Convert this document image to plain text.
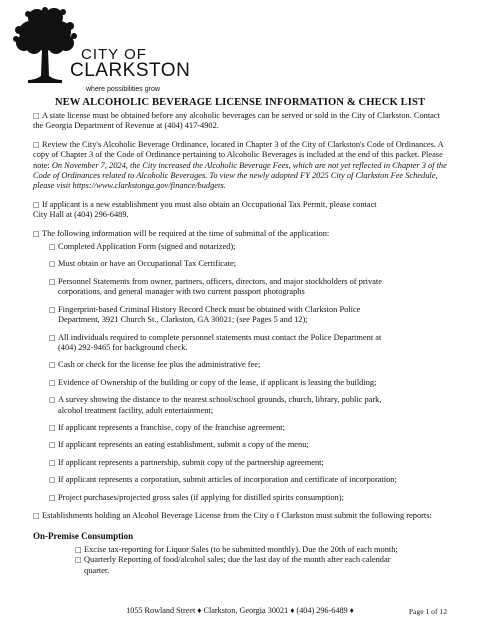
CITY OF
CLARKSTON
where possibilities grow
NEW ALCOHOLIC BEVERAGE LICENSE INFORMATION & CHECK LIST

□ A state license must be obtained before any alcoholic beverages can be served or sold in the City of Clarkston. Contact the Georgia Department of Revenue at (404) 417-4902.

□ Review the City's Alcoholic Beverage Ordinance, located in Chapter 3 of the City of Clarkston's Code of Ordinances. A copy of Chapter 3 of the Code of Ordinance pertaining to Alcoholic Beverages is included at the end of this packet. Please note: On November 7, 2024, the City increased the Alcoholic Beverage Fees, which are not yet reflected in Chapter 3 of the Code of Ordinances related to Alcoholic Beverages. To view the newly adopted FY 2025 City of Clarkston Fee Schedule, please visit https://www.clarkstonga.gov/finance/budgets.

□ If applicant is a new establishment you must also obtain an Occupational Tax Permit, please contact
City Hall at (404) 296-6489.

□ The following information will be required at the time of submittal of the application:

□ Completed Application Form (signed and notarized);
□ Must obtain or have an Occupational Tax Certificate;
□ Personnel Statements from owner, partners, officers, directors, and major stockholders of private
corporations, and general manager with two current passport photographs
□ Fingerprint-based Criminal History Record Check must be obtained with Clarkston Police
Department, 3921 Church St., Clarkston, GA 30021; (see Pages 5 and 12);
□ All individuals required to complete personnel statements must contact the Police Department at
(404) 292-9465 for background check.
□ Cash or check for the license fee plus the administrative fee;
□ Evidence of Ownership of the building or copy of the lease, if applicant is leasing the building;
□ A survey showing the distance to the nearest school/school grounds, church, library, public park,
alcohol treatment facility, adult entertainment;
□ If applicant represents a franchise, copy of the franchise agreement;
□ If applicant represents an eating establishment, submit a copy of the menu;
□ If applicant represents a partnership, submit copy of the partnership agreement;
□ If applicant represents a corporation, submit articles of incorporation and certificate of incorporation;
□ Project purchases/projected gross sales (if applying for distilled spirits consumption);

□ Establishments holding an Alcohol Beverage License from the City o f Clarkston must submit the following reports:

On-Premise Consumption
□ Excise tax-reporting for Liquor Sales (to be submitted monthly). Due the 20th of each month;
□ Quarterly Reporting of food/alcohol sales; due the last day of the month after each calendar
quarter.
1055 Rowland Street ♦ Clarkston, Georgia 30021 ♦ (404) 296-6489 ♦	Page 1 of 12
